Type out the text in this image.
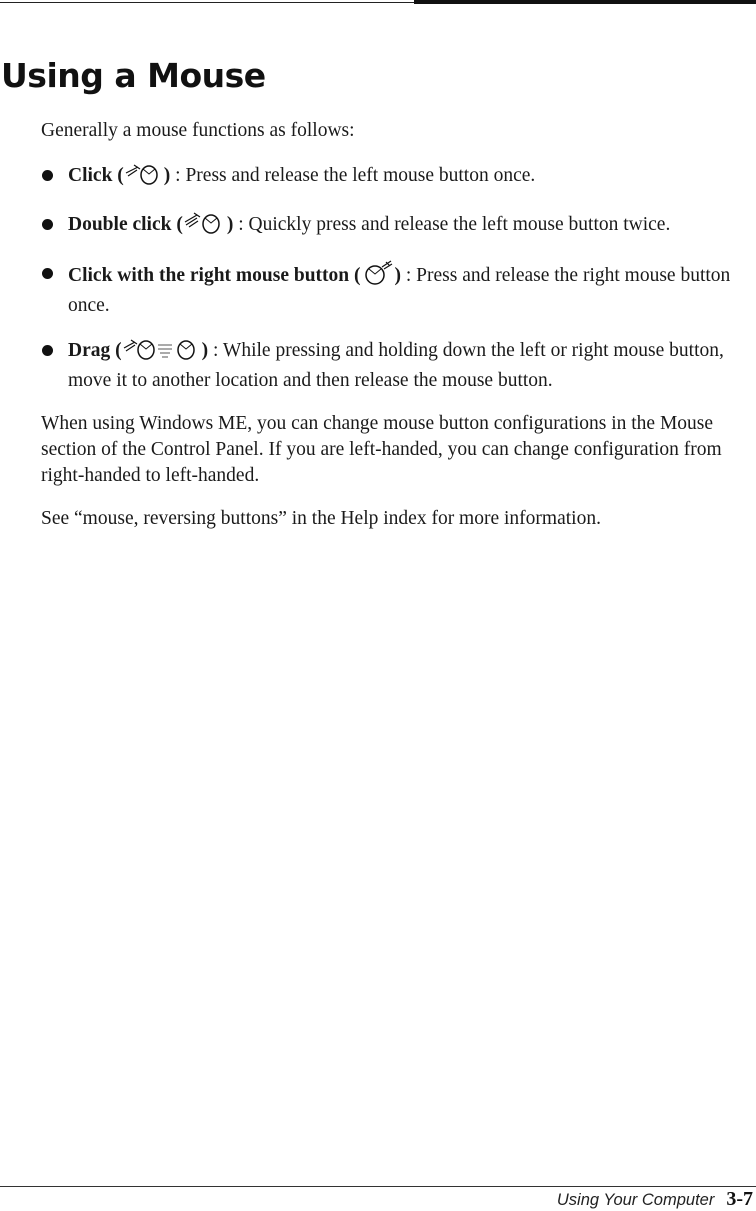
Using a Mouse

Generally a mouse functions as follows:

Click ( ) : Press and release the left mouse button once.
Double click ( ) : Quickly press and release the left mouse button twice.
Click with the right mouse button ( ) : Press and release the right mouse button once.
Drag (	) : While pressing and holding down the left or right mouse button, move it to another location and then release the mouse button.

When using Windows ME, you can change mouse button configurations in the Mouse section of the Control Panel. If you are left-handed, you can change configuration from right-handed to left-handed.

See “mouse, reversing buttons” in the Help index for more information.

Using Your Computer 3-7
